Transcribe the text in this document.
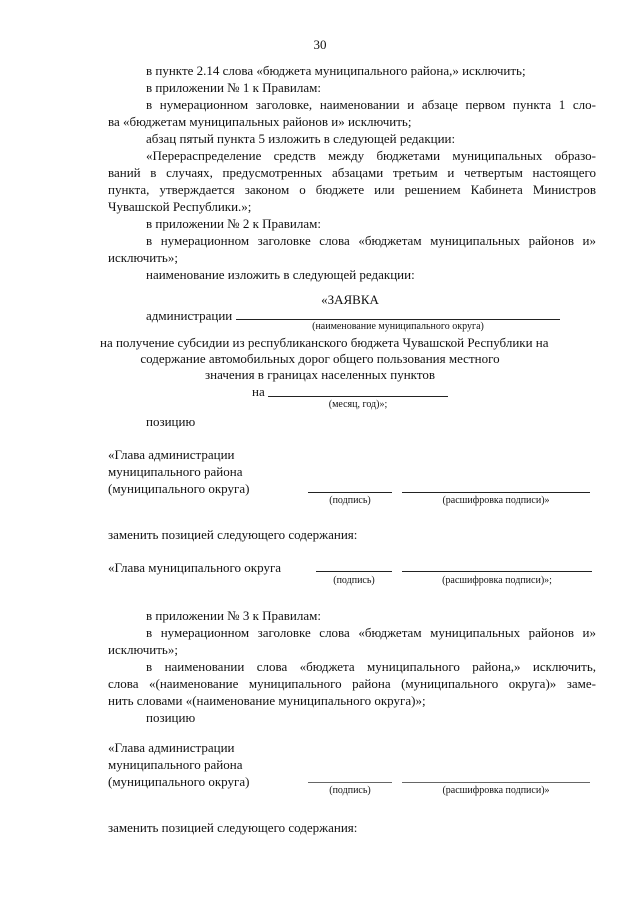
30
в пункте 2.14 слова «бюджета муниципального района,» исключить;
в приложении № 1 к Правилам:
в нумерационном заголовке, наименовании и абзаце первом пункта 1 сло-
ва «бюджетам муниципальных районов и» исключить;
абзац пятый пункта 5 изложить в следующей редакции:
«Перераспределение средств между бюджетами муниципальных образо-
ваний в случаях, предусмотренных абзацами третьим и четвертым настоящего
пункта, утверждается законом о бюджете или решением Кабинета Министров
Чувашской Республики.»;
в приложении № 2 к Правилам:
в нумерационном заголовке слова «бюджетам муниципальных районов и»
исключить»;
наименование изложить в следующей редакции:
«ЗАЯВКА
администрации
(наименование муниципального округа)
на получение субсидии из республиканского бюджета Чувашской Республики на
содержание автомобильных дорог общего пользования местного
значения в границах населенных пунктов
на
(месяц, год)»;
позицию
«Глава администрации
муниципального района
(муниципального округа)
(подпись)	(расшифровка подписи)»
заменить позицией следующего содержания:
«Глава муниципального округа
(подпись)	(расшифровка подписи)»;
в приложении № 3 к Правилам:
в нумерационном заголовке слова «бюджетам муниципальных районов и»
исключить»;
в наименовании слова «бюджета муниципального района,» исключить,
слова «(наименование муниципального района (муниципального округа)» заме-
нить словами «(наименование муниципального округа)»;
позицию
«Глава администрации
муниципального района
(муниципального округа)
(подпись)	(расшифровка подписи)»
заменить позицией следующего содержания:
